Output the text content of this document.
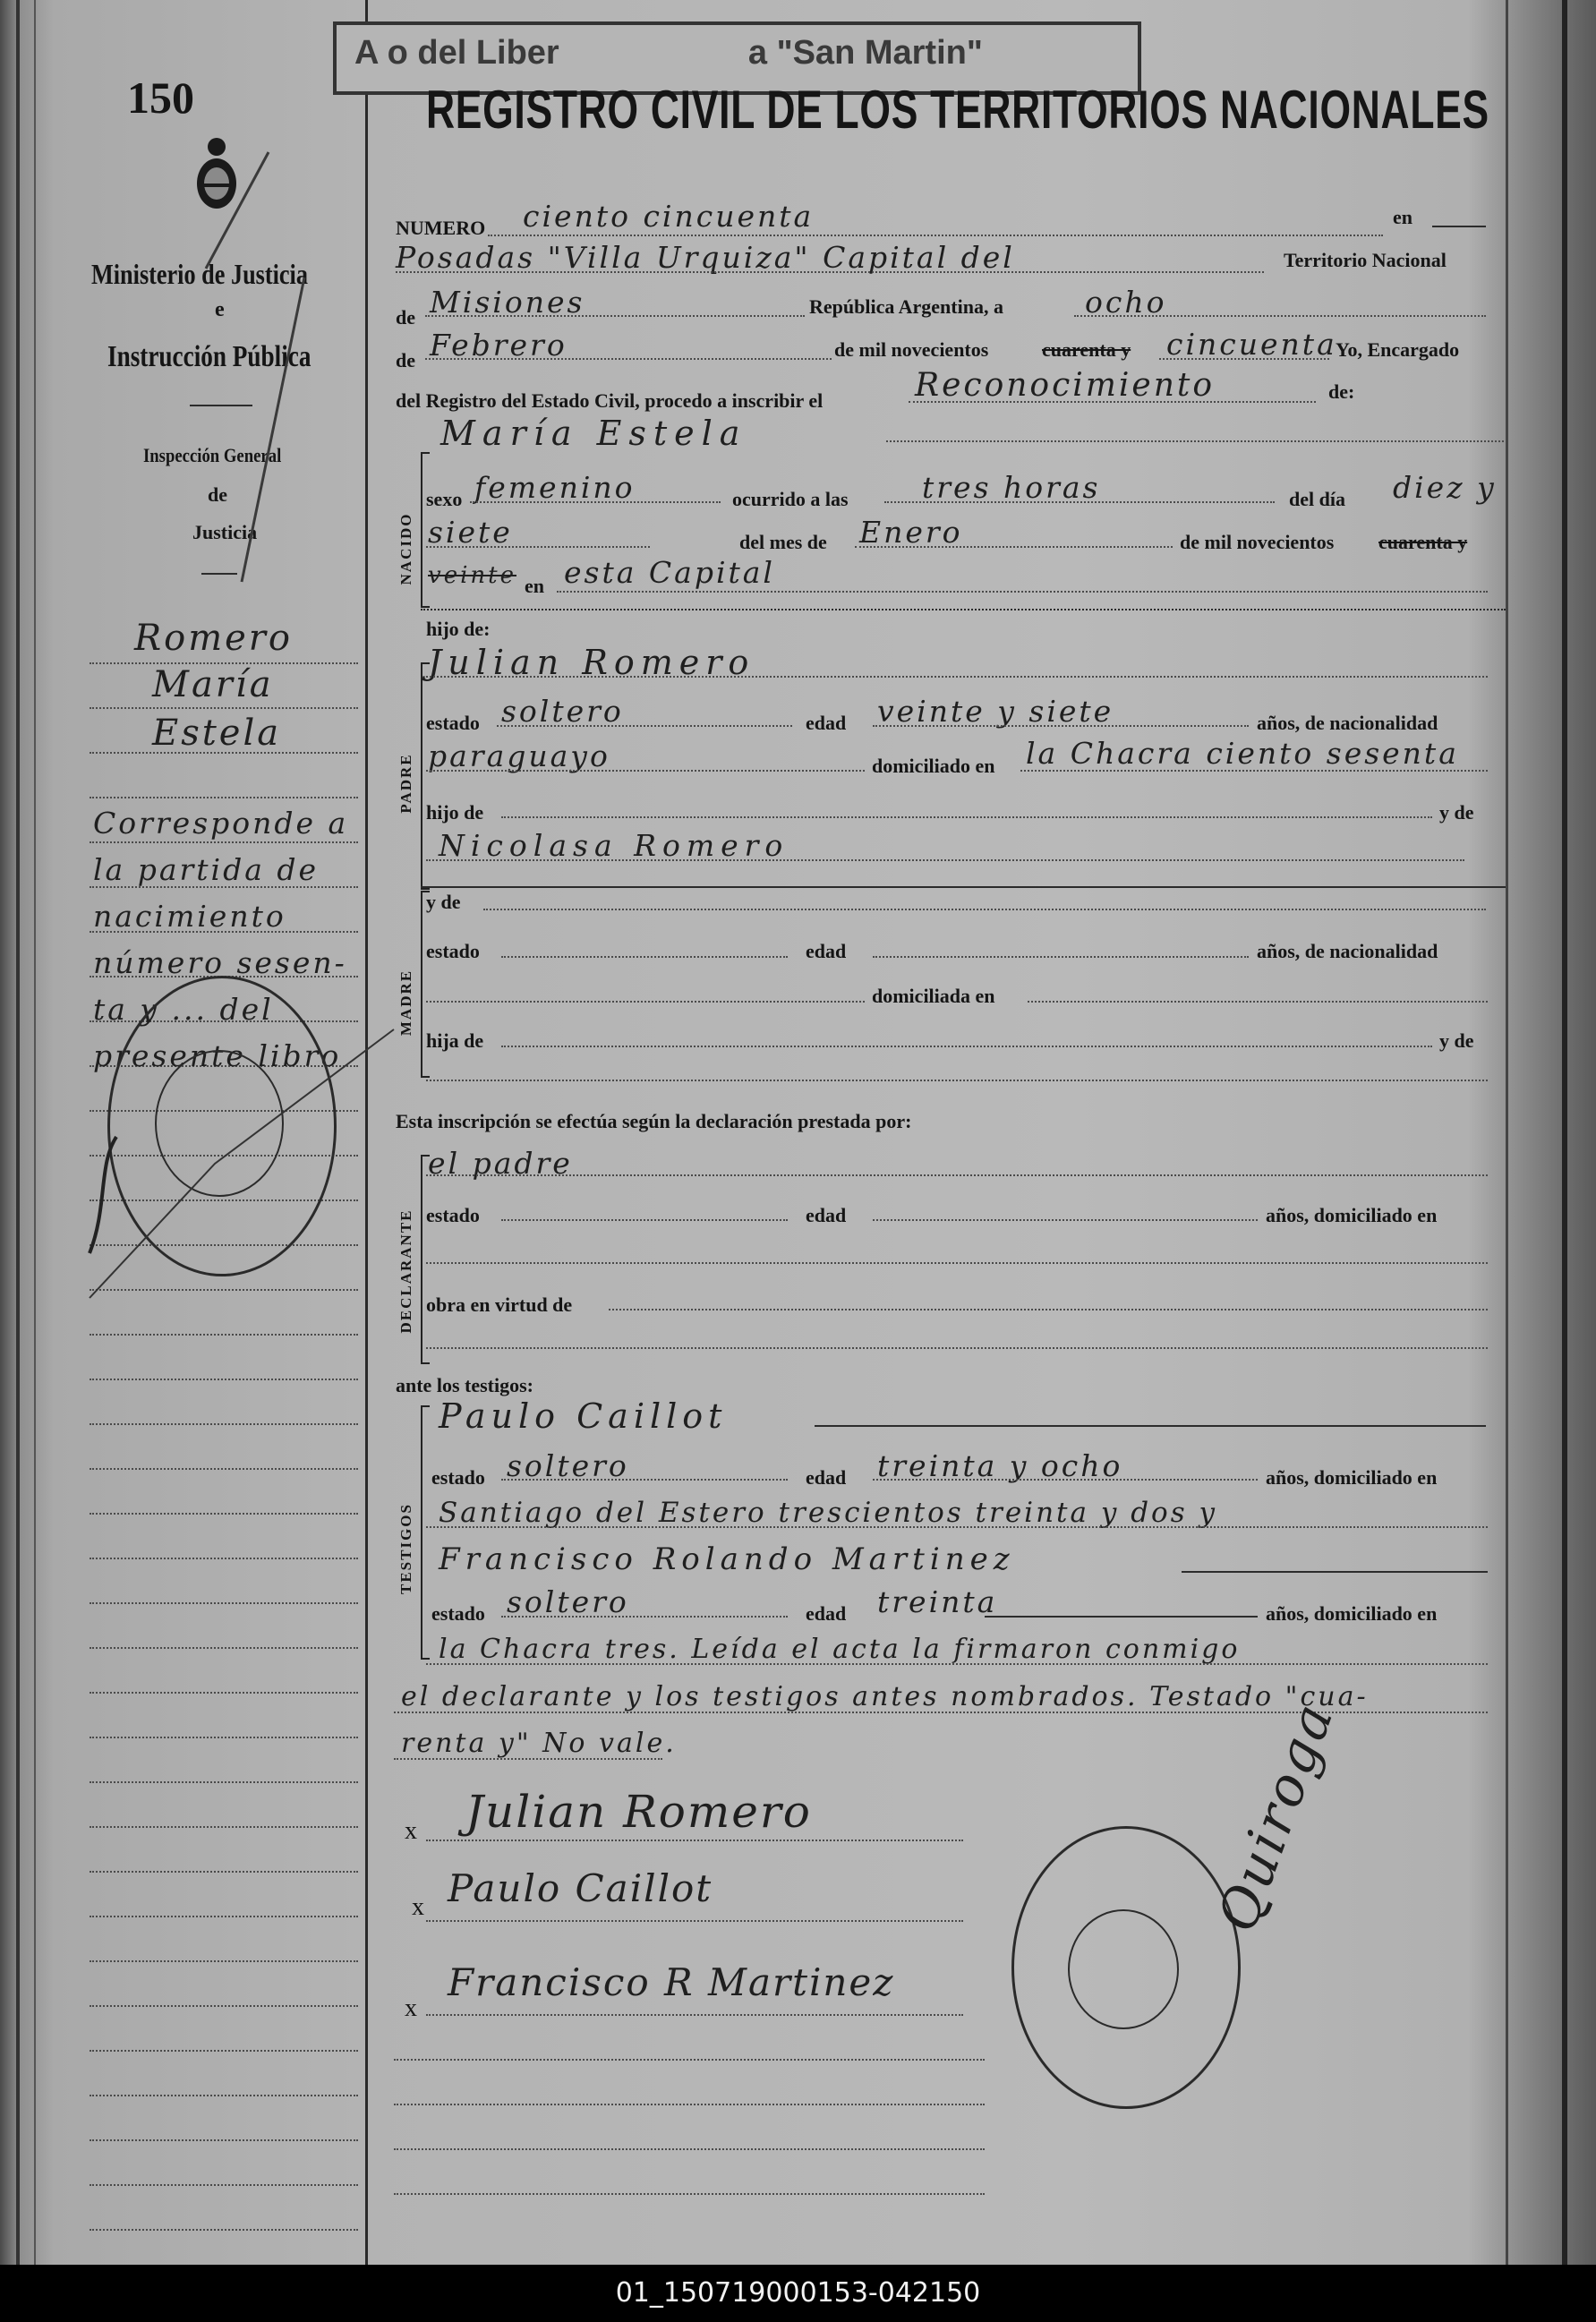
A o del Liber                    a "San Martin"
150
Ministerio de Justicia
e
Instrucción Pública
Inspección General
de
Justicia
Romero
María
Estela
Corresponde a
la partida de
nacimiento
número sesen-
ta y ... del
presente libro
REGISTRO CIVIL DE LOS TERRITORIOS NACIONALES
NUMERO ciento cincuenta	en
Posadas "Villa Urquiza" Capital del	Territorio Nacional
de Misiones	República Argentina, a	ocho
de Febrero	de mil novecientos	cuarenta y cincuenta
Yo, Encargado
del Registro del Estado Civil, procedo a inscribir el	Reconocimiento	de:
María Estela
NACIDO
sexo femenino	ocurrido a las tres horas	del día diez y
siete	del mes de Enero	de mil novecientos cuarenta y
veinte en esta Capital
hijo de:
PADRE
Julian Romero
estado soltero	edad veinte y siete	años, de nacionalidad
paraguayo	domiciliado en la Chacra ciento sesenta
hijo de	y de
Nicolasa Romero
MADRE
y de
estado	edad	años, de nacionalidad
domiciliada en
hija de	y de
Esta inscripción se efectúa según la declaración prestada por:
el padre
DECLARANTE estado	edad	años, domiciliado en
obra en virtud de
ante los testigos:
TESTIGOS
Paulo Caillot
estado soltero	edad treinta y ocho	años, domiciliado en
Santiago del Estero trescientos treinta y dos y
Francisco Rolando Martinez
estado soltero	edad treinta	años, domiciliado en
la Chacra tres. Leída el acta la firmaron conmigo
el declarante y los testigos antes nombrados. Testado "cua-
renta y" No vale.
x Julian Romero
x Paulo Caillot
x
Francisco R Martinez
Quiroga
01_150719000153-042150
